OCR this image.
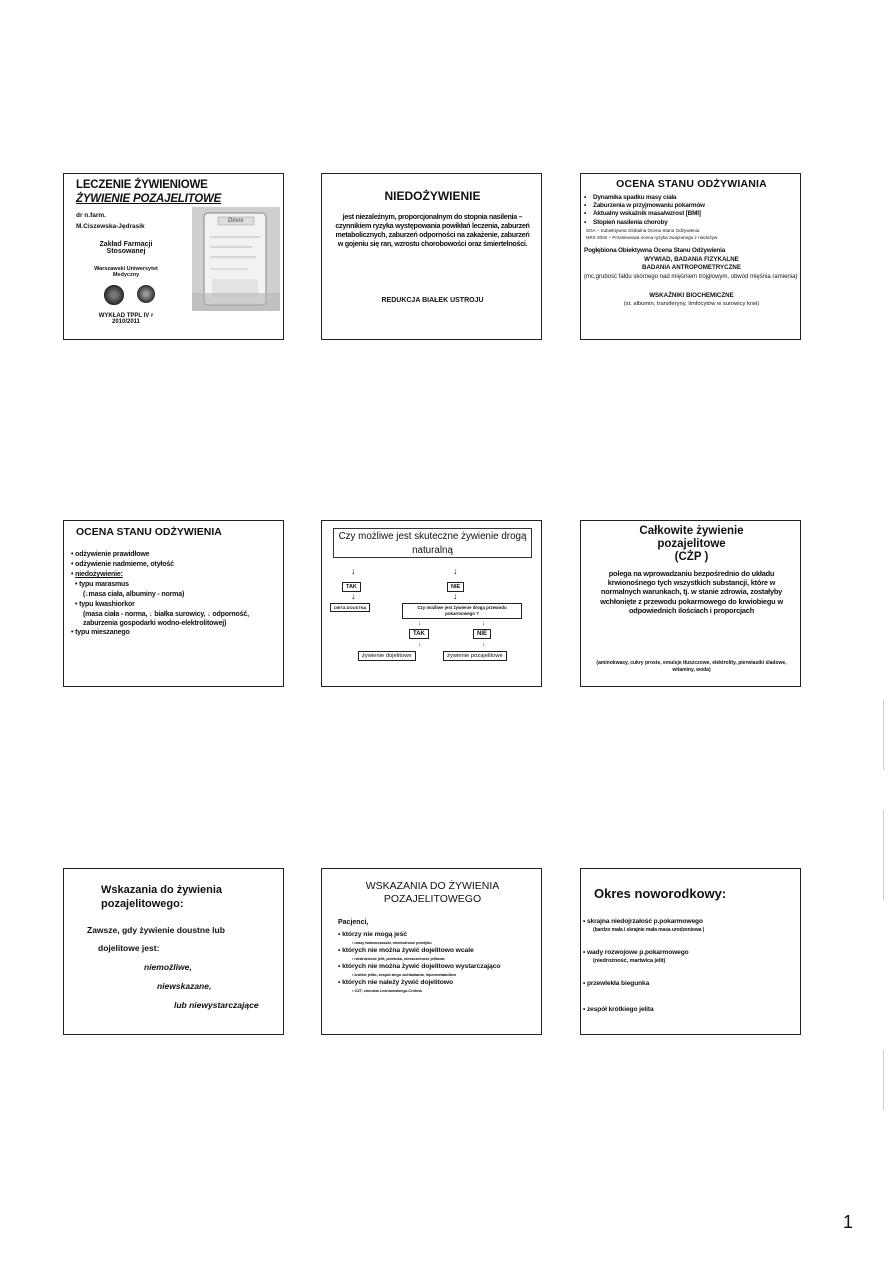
LECZENIE ŻYWIENIOWE
ŻYWIENIE POZAJELITOWE
dr n.farm.
M.Ciszewska-Jędrasik
Zakład Farmacji
Stosowanej
Warszawski Uniwersytet
Medyczny
WYKŁAD TPPL IV r
2010/2011
Dinox
NIEDOŻYWIENIE
jest niezależnym, proporcjonalnym do stopnia nasilenia – czynnikiem ryzyka występowania powikłań leczenia, zaburzeń metabolicznych, zaburzeń odporności na zakażenie, zaburzeń w gojeniu się ran, wzrostu chorobowości oraz śmiertelności.
REDUKCJA BIAŁEK USTROJU
OCENA STANU ODŻYWIANIA
• Dynamika spadku masy ciała
• Zaburzenia w przyjmowaniu pokarmów
• Aktualny wskaźnik masa/wzrost [BMI]
• Stopień nasilenia choroby
SGA – Subiektywna Globalna Ocena Stanu Odżywienia
NRS 2002 – Przesiewowa ocena ryzyka związanego z niedożyw.
Pogłębiona Obiektywna Ocena Stanu Odżywienia
WYWIAD, BADANIA FIZYKALNE
BADANIA ANTROPOMETRYCZNE
(mc,grubość fałdu skórnego nad mięśniem trójgłowym, obwód mięśnia ramienia)
WSKAŹNIKI BIOCHEMICZNE
(st. albumin, transferyny, limfocytów w surowicy krwi)
OCENA STANU ODŻYWIENIA
• odżywienie prawidłowe
• odżywienie nadmierne, otyłość
• niedożywienie:
• typu marasmus
(↓masa ciała, albuminy - norma)
• typu kwashiorkor
(masa ciała - norma, ↓ białka surowicy, ↓ odporność, zaburzenia gospodarki wodno-elektrolitowej)
• typu mieszanego
Czy możliwe jest skuteczne żywienie drogą naturalną
↓	↓
TAK	NIE
↓	↓
DIETA DOUSTNA	Czy możliwe jest żywienie drogą przewodu pokarmowego ?
↓	↓
TAK	NIE
↓	↓
żywienie dojelitowe	żywienie pozajelitowe
Całkowite żywienie
pozajelitowe
(CŻP )
polega na wprowadzaniu bezpośrednio do układu krwionośnego tych wszystkich substancji, które w normalnych warunkach, tj. w stanie zdrowia, zostałyby wchłonięte z przewodu pokarmowego do krwiobiegu w odpowiednich ilościach i proporcjach
(aminokwasy, cukry proste, emulsje tłuszczowe, elektrolity, pierwiastki śladowe, witaminy, woda)
Wskazania do żywienia pozajelitowego:
Zawsze, gdy żywienie doustne lub
dojelitowe jest:
niemożliwe,
niewskazane,
lub niewystarczające
WSKAZANIA DO ŻYWIENIA
POZAJELITOWEGO
Pacjenci,
• którzy nie mogą jeść
• urazy twarzoczaszki, niedrożność przełyku
• których nie można żywić dojelitowo wcale
• niedrożność jelit, przetoka, nieszczelność jelitowa
• których nie można żywić dojelitowo wystarczająco
• krótkie jelito, zespół złego wchłaniania, hipermetabolizm
• których nie należy żywić dojelitowo
• OZT, choroba Leśniowskiego-Crohna
Okres noworodkowy:
• skrajna niedojrzałość p.pokarmowego
(bardzo mała i skrajnie mała masa urodzeniowa )
• wady rozwojowe p.pokarmowego
(niedrożność, martwica jelit)
• przewlekła biegunka
• zespół krótkiego jelita
1
